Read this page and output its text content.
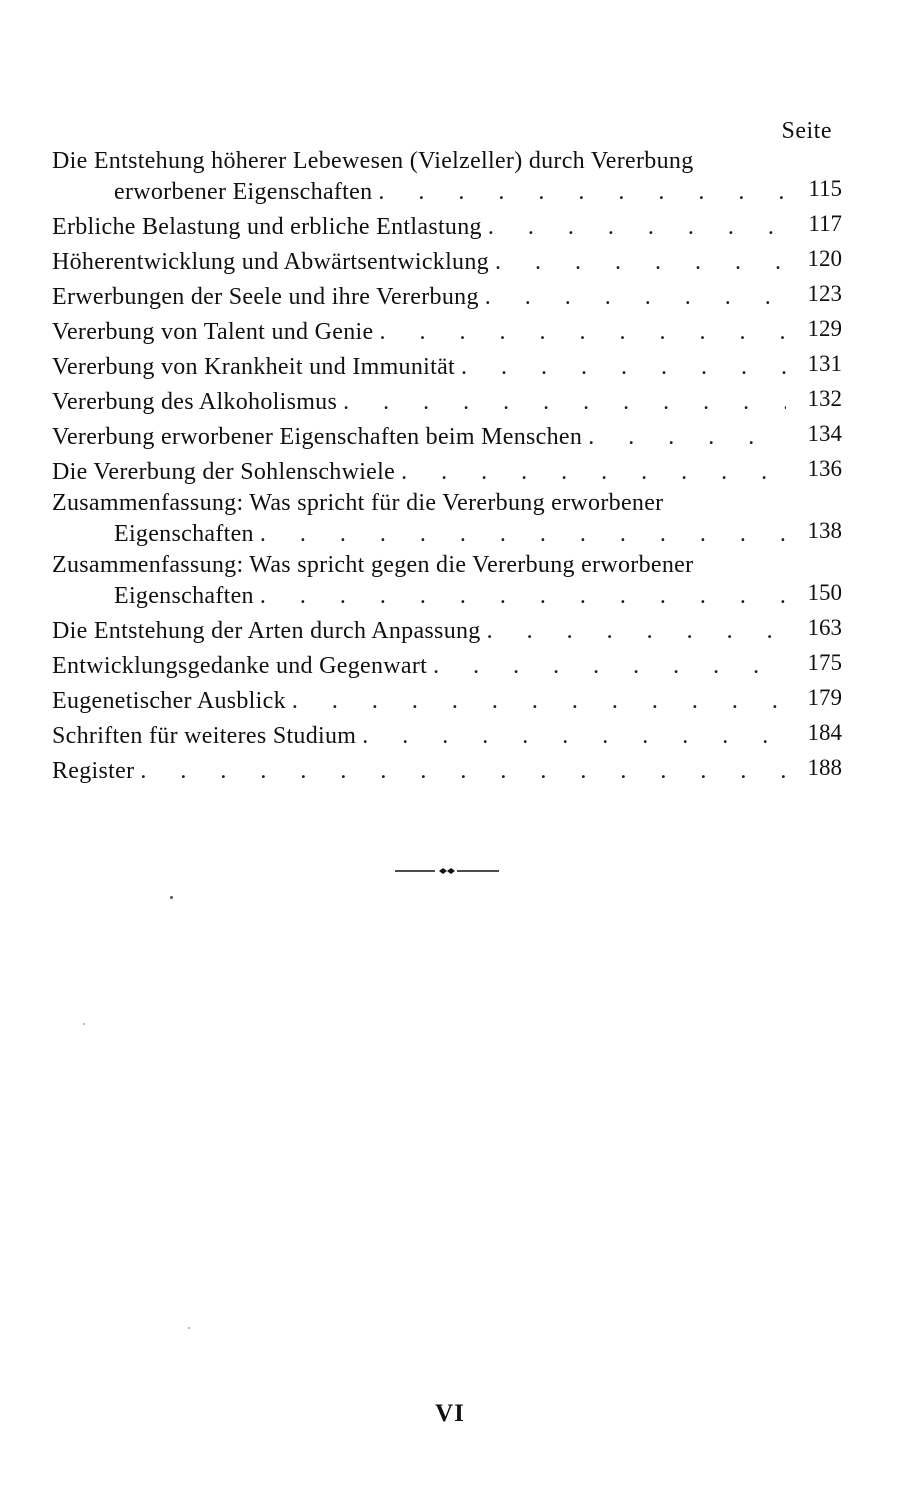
Seite
Die Entstehung höherer Lebewesen (Vielzeller) durch Vererbung
erworbener Eigenschaften . . .	115
Erbliche Belastung und erbliche Entlastung . . .	117
Höherentwicklung und Abwärtsentwicklung . . .	120
Erwerbungen der Seele und ihre Vererbung . . .	123
Vererbung von Talent und Genie . . .	129
Vererbung von Krankheit und Immunität . . .	131
Vererbung des Alkoholismus . . .	132
Vererbung erworbener Eigenschaften beim Menschen . . .	134
Die Vererbung der Sohlenschwiele . . .	136
Zusammenfassung: Was spricht für die Vererbung erworbener
Eigenschaften . . .	138
Zusammenfassung: Was spricht gegen die Vererbung erworbener
Eigenschaften . . .	150
Die Entstehung der Arten durch Anpassung . . .	163
Entwicklungsgedanke und Gegenwart . . .	175
Eugenetischer Ausblick . . .	179
Schriften für weiteres Studium . . .	184
Register . . .	188
VI
